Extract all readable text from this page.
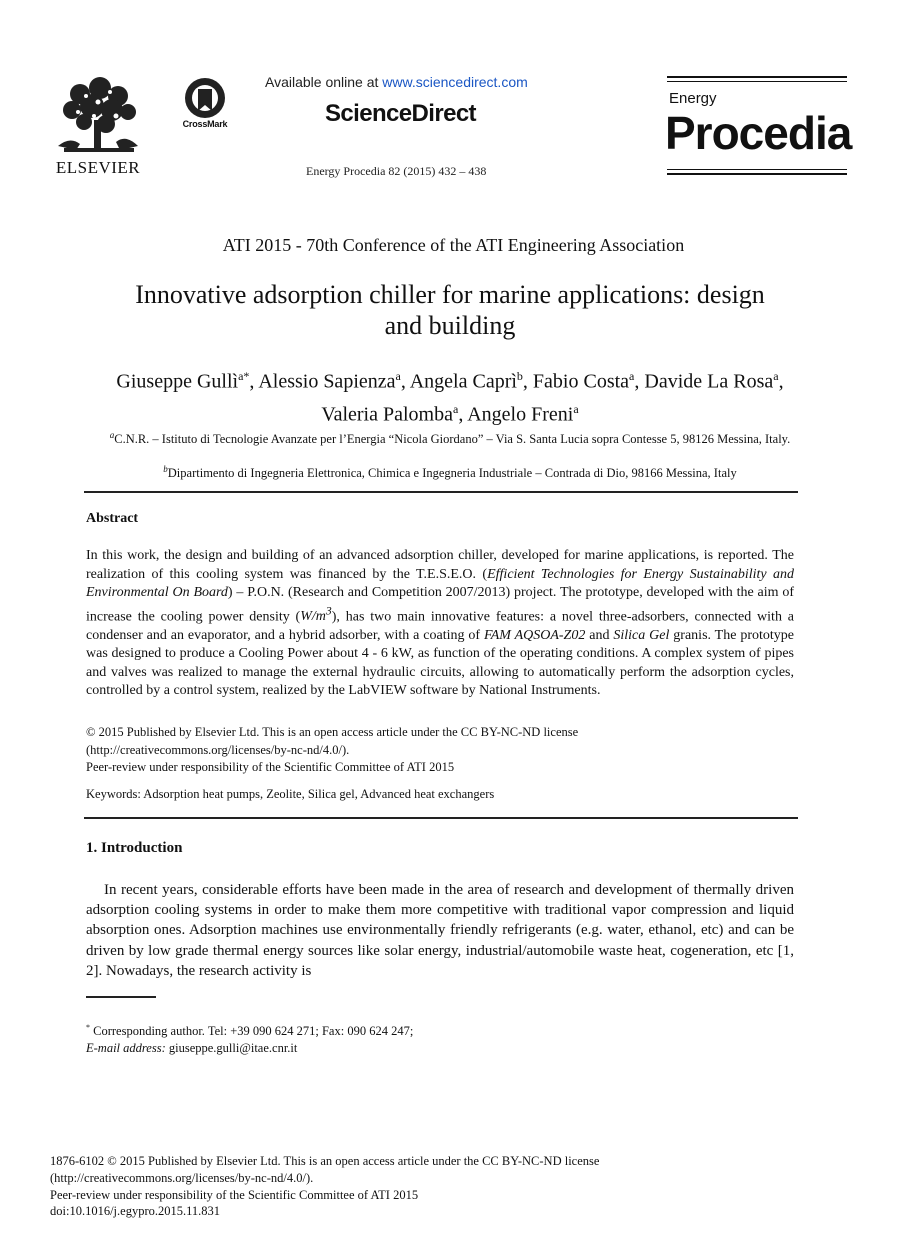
ELSEVIER
CrossMark
Available online at www.sciencedirect.com
ScienceDirect
Energy Procedia 82 (2015) 432 – 438
Energy
Procedia
ATI 2015 - 70th Conference of the ATI Engineering Association
Innovative adsorption chiller for marine applications: design
and building
Giuseppe Gullì$^{a*}$, Alessio Sapienza$^a$, Angela Caprì$^b$, Fabio Costa$^a$, Davide La Rosa$^a$, Valeria Palomba$^a$, Angelo Freni$^a$
$^a$C.N.R. – Istituto di Tecnologie Avanzate per l’Energia “Nicola Giordano” – Via S. Santa Lucia sopra Contesse 5, 98126 Messina, Italy.
$^b$Dipartimento di Ingegneria Elettronica, Chimica e Ingegneria Industriale – Contrada di Dio, 98166 Messina, Italy
Abstract
In this work, the design and building of an advanced adsorption chiller, developed for marine applications, is reported. The realization of this cooling system was financed by the T.E.S.E.O. (Efficient Technologies for Energy Sustainability and Environmental On Board) – P.O.N. (Research and Competition 2007/2013) project. The prototype, developed with the aim of increase the cooling power density $(W/m^3)$, has two main innovative features: a novel three-adsorbers, connected with a condenser and an evaporator, and a hybrid adsorber, with a coating of FAM AQSOA-Z02 and Silica Gel granis. The prototype was designed to produce a Cooling Power about 4 - 6 kW, as function of the operating conditions. A complex system of pipes and valves was realized to manage the external hydraulic circuits, allowing to automatically perform the adsorption cycles, controlled by a control system, realized by the LabVIEW software by National Instruments.
© 2015 Published by Elsevier Ltd. This is an open access article under the CC BY-NC-ND license
(http://creativecommons.org/licenses/by-nc-nd/4.0/).
Peer-review under responsibility of the Scientific Committee of ATI 2015
Keywords: Adsorption heat pumps, Zeolite, Silica gel, Advanced heat exchangers
1. Introduction
In recent years, considerable efforts have been made in the area of research and development of thermally driven adsorption cooling systems in order to make them more competitive with traditional vapor compression and liquid absorption ones. Adsorption machines use environmentally friendly refrigerants (e.g. water, ethanol, etc) and can be driven by low grade thermal energy sources like solar energy, industrial/automobile waste heat, cogeneration, etc [1, 2]. Nowadays, the research activity is
* Corresponding author. Tel: +39 090 624 271; Fax: 090 624 247;
E-mail address: giuseppe.gulli@itae.cnr.it
1876-6102 © 2015 Published by Elsevier Ltd. This is an open access article under the CC BY-NC-ND license
(http://creativecommons.org/licenses/by-nc-nd/4.0/).
Peer-review under responsibility of the Scientific Committee of ATI 2015
doi:10.1016/j.egypro.2015.11.831
